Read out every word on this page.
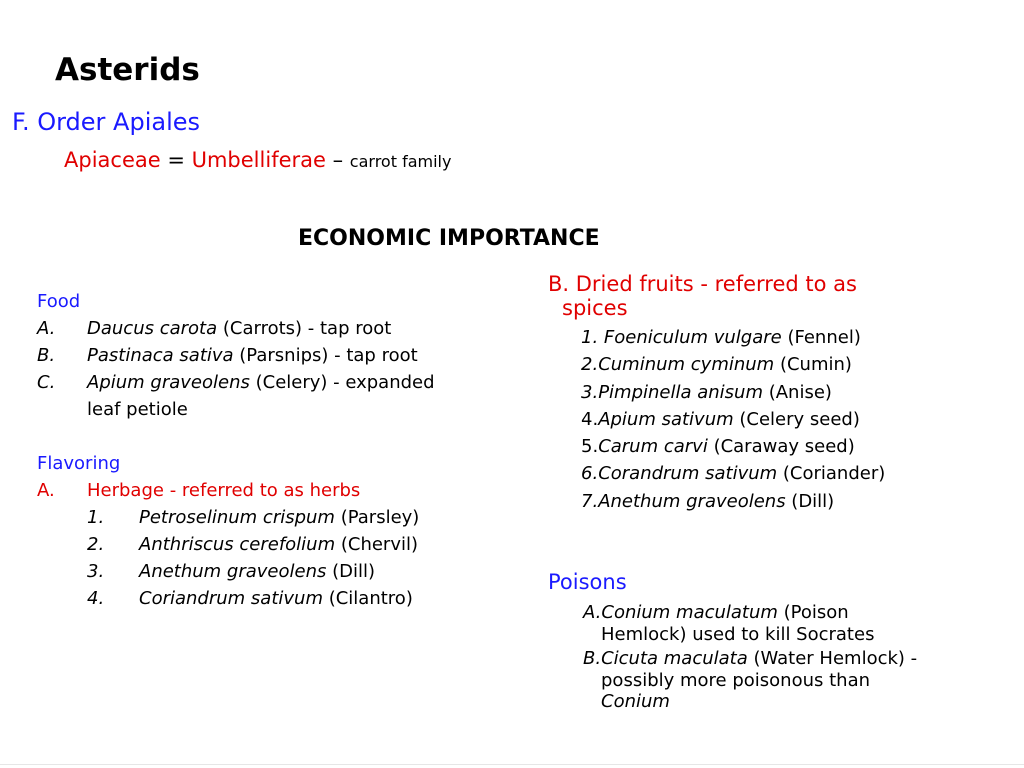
Asterids
F. Order Apiales
Apiaceae = Umbelliferae – carrot family
ECONOMIC IMPORTANCE
Food
A.	Daucus carota (Carrots) - tap root
B.	Pastinaca sativa (Parsnips) - tap root
C.	Apium graveolens (Celery) - expanded
leaf petiole
Flavoring
A.	Herbage - referred to as herbs
1.	Petroselinum crispum (Parsley)
2.	Anthriscus cerefolium (Chervil)
3.	Anethum graveolens (Dill)
4.	Coriandrum sativum (Cilantro)
B. Dried fruits - referred to as
spices
1. Foeniculum vulgare (Fennel)
2.Cuminum cyminum (Cumin)
3.Pimpinella anisum (Anise)
4.Apium sativum (Celery seed)
5.Carum carvi (Caraway seed)
6.Corandrum sativum (Coriander)
7.Anethum graveolens (Dill)
Poisons
A.Conium maculatum (Poison
Hemlock) used to kill Socrates
B.Cicuta maculata (Water Hemlock) -
possibly more poisonous than
Conium
